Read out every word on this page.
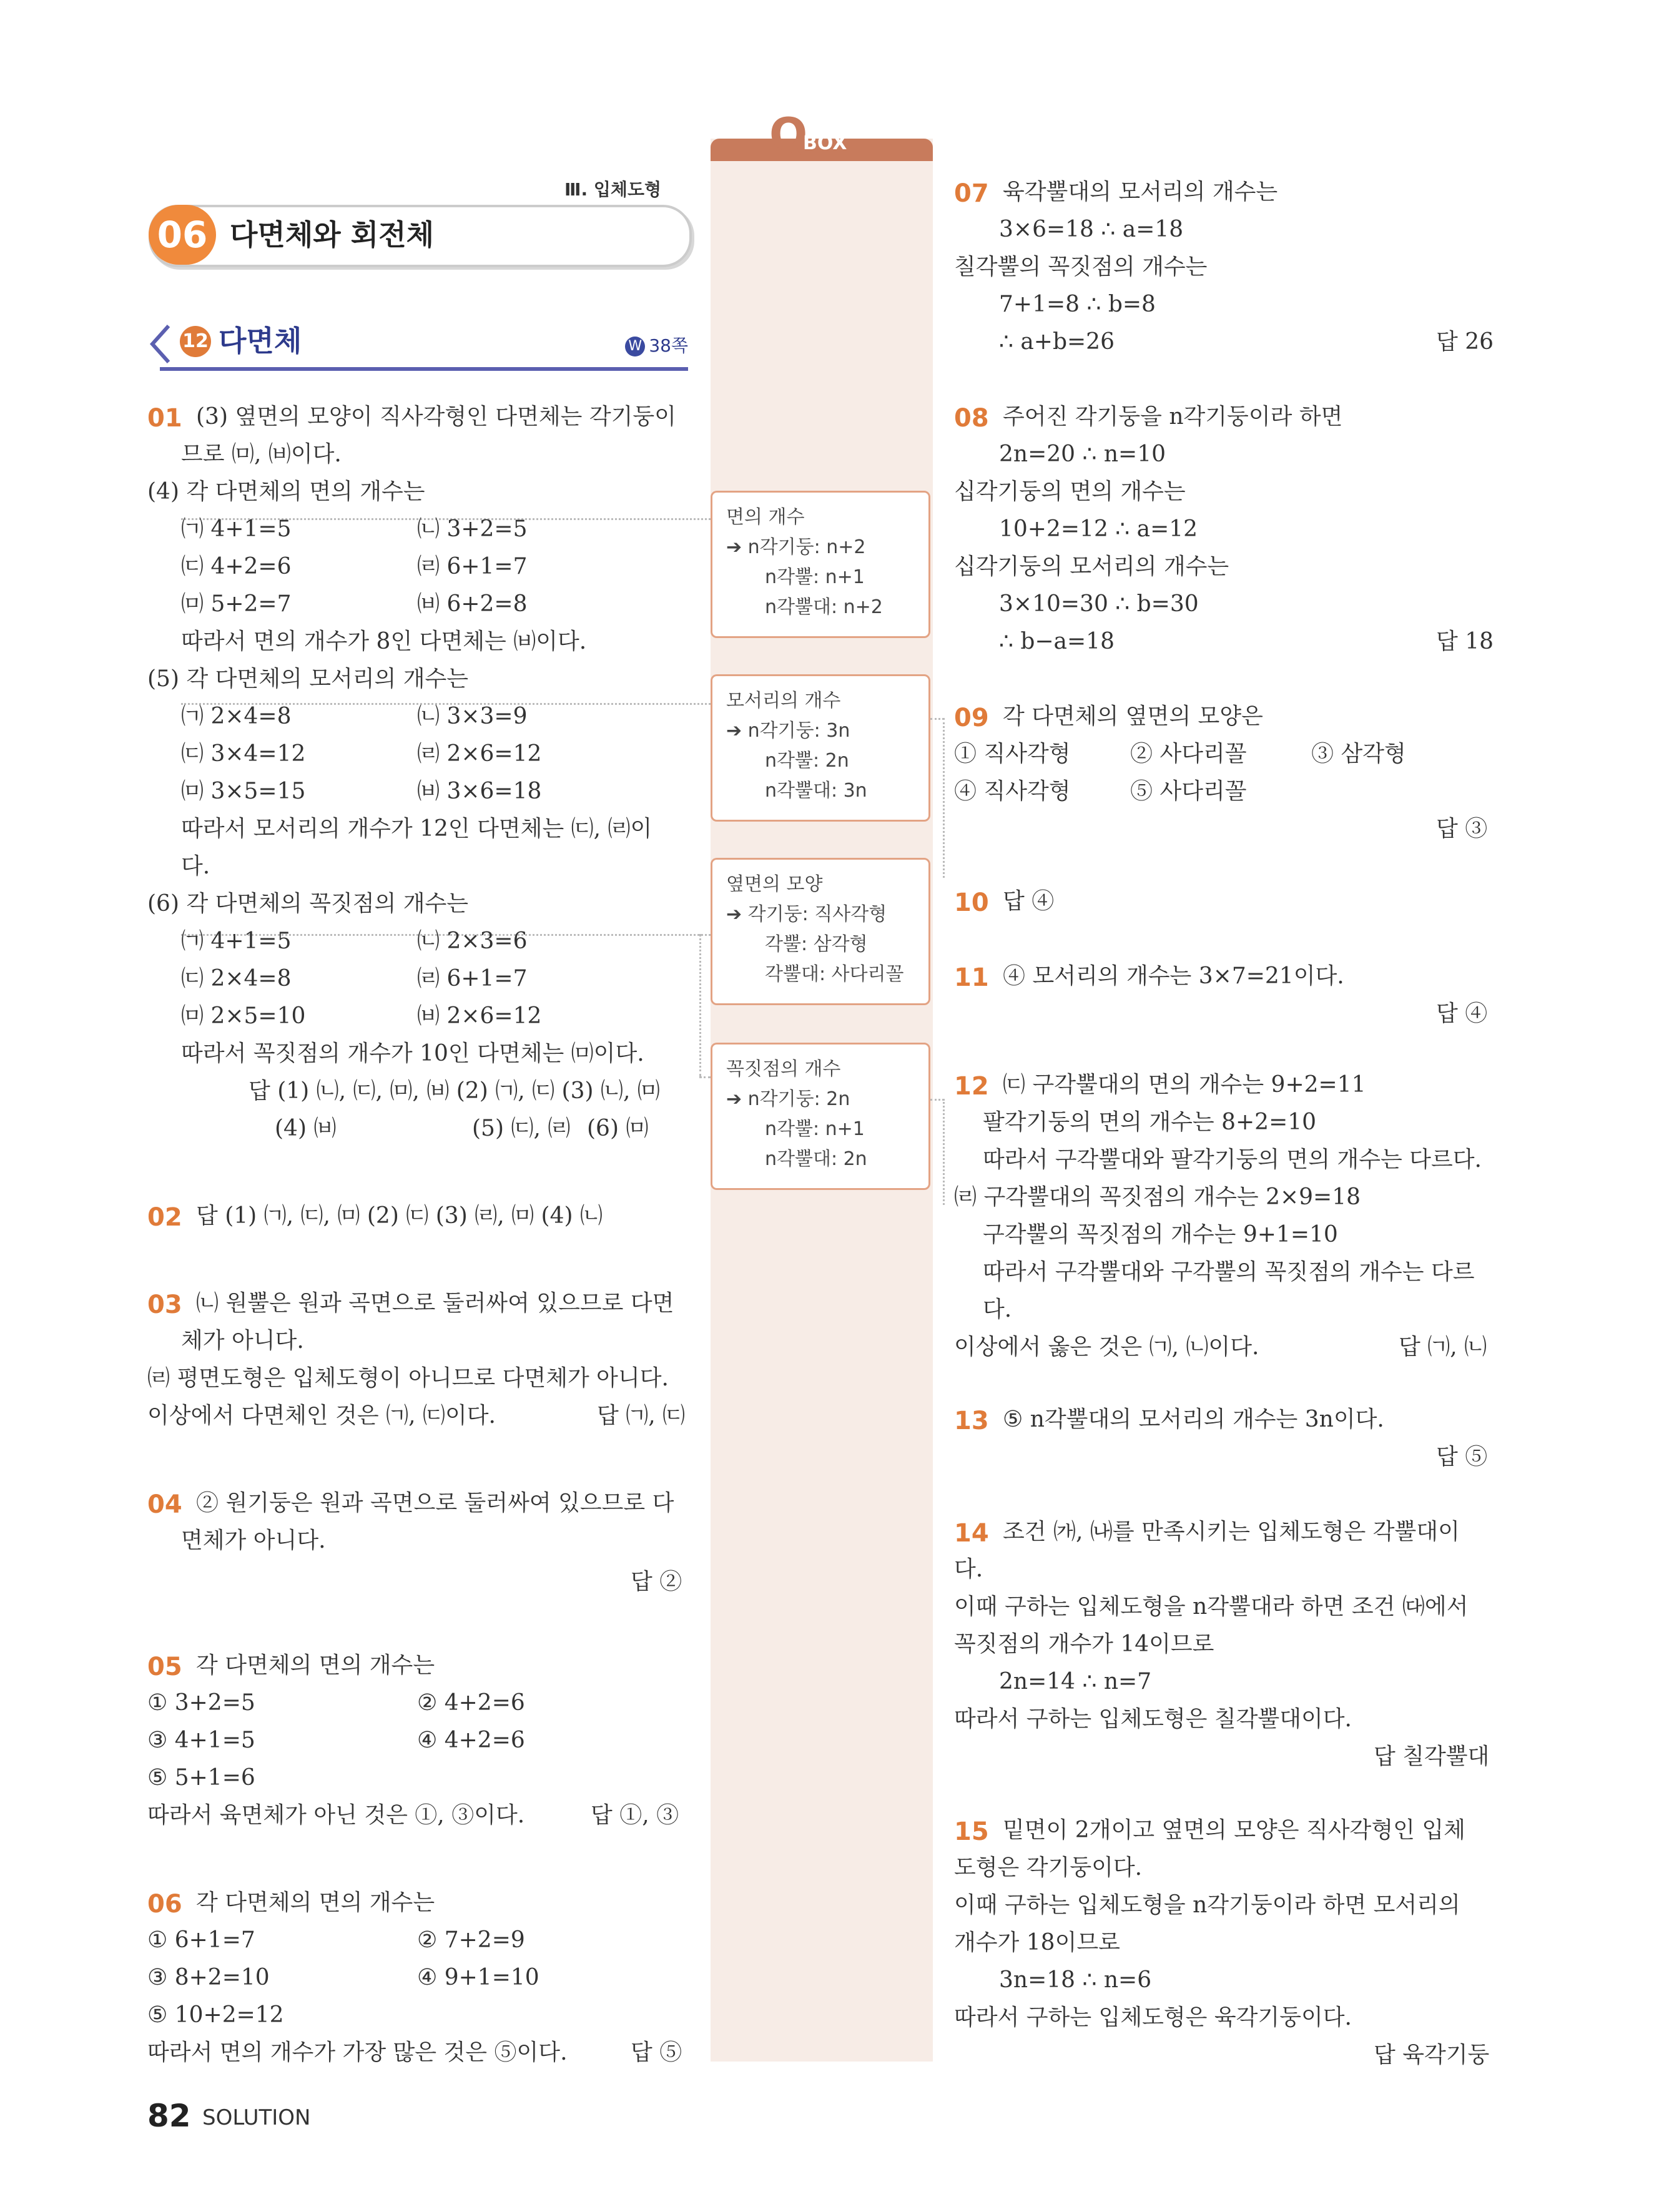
Ⅲ. 입체도형
06 다면체와 회전체
12 다면체	W 38쪽
Q
BOX
면의 개수
➔ n각기둥: n+2
n각뿔: n+1
n각뿔대: n+2
모서리의 개수
➔ n각기둥: 3n
n각뿔: 2n
n각뿔대: 3n
옆면의 모양
➔ 각기둥: 직사각형
각뿔: 삼각형
각뿔대: 사다리꼴
꼭짓점의 개수
➔ n각기둥: 2n
n각뿔: n+1
n각뿔대: 2n
01 (3) 옆면의 모양이 직사각형인 다면체는 각기둥이
므로 ㈄, ㈅이다.
(4) 각 다면체의 면의 개수는
㈀ 4+1=5	㈁ 3+2=5
㈂ 4+2=6	㈃ 6+1=7
㈄ 5+2=7	㈅ 6+2=8
따라서 면의 개수가 8인 다면체는 ㈅이다.
(5) 각 다면체의 모서리의 개수는
㈀ 2×4=8	㈁ 3×3=9
㈂ 3×4=12	㈃ 2×6=12
㈄ 3×5=15	㈅ 3×6=18
따라서 모서리의 개수가 12인 다면체는 ㈂, ㈃이
다.
(6) 각 다면체의 꼭짓점의 개수는
㈀ 4+1=5	㈁ 2×3=6
㈂ 2×4=8	㈃ 6+1=7
㈄ 2×5=10	㈅ 2×6=12
따라서 꼭짓점의 개수가 10인 다면체는 ㈄이다.
답 (1) ㈁, ㈂, ㈄, ㈅ (2) ㈀, ㈂ (3) ㈁, ㈄
(4) ㈅	(5) ㈂, ㈃ (6) ㈄
02 답 (1) ㈀, ㈂, ㈄ (2) ㈂ (3) ㈃, ㈄ (4) ㈁
03 ㈁ 원뿔은 원과 곡면으로 둘러싸여 있으므로 다면
체가 아니다.
㈃ 평면도형은 입체도형이 아니므로 다면체가 아니다.
이상에서 다면체인 것은 ㈀, ㈂이다.	답 ㈀, ㈂
04 ② 원기둥은 원과 곡면으로 둘러싸여 있으므로 다
면체가 아니다.
답 ②
05 각 다면체의 면의 개수는
① 3+2=5	② 4+2=6
③ 4+1=5	④ 4+2=6
⑤ 5+1=6
따라서 육면체가 아닌 것은 ①, ③이다.	답 ①, ③
06 각 다면체의 면의 개수는
① 6+1=7	② 7+2=9
③ 8+2=10	④ 9+1=10
⑤ 10+2=12
따라서 면의 개수가 가장 많은 것은 ⑤이다.	답 ⑤
07 육각뿔대의 모서리의 개수는
3×6=18 ∴ a=18
칠각뿔의 꼭짓점의 개수는
7+1=8 ∴ b=8
∴ a+b=26	답 26
08 주어진 각기둥을 n각기둥이라 하면
2n=20 ∴ n=10
십각기둥의 면의 개수는
10+2=12 ∴ a=12
십각기둥의 모서리의 개수는
3×10=30 ∴ b=30
∴ b−a=18	답 18
09 각 다면체의 옆면의 모양은
① 직사각형	② 사다리꼴	③ 삼각형
④ 직사각형	⑤ 사다리꼴
답 ③
10 답 ④
11 ④ 모서리의 개수는 3×7=21이다.
답 ④
12 ㈂ 구각뿔대의 면의 개수는 9+2=11
팔각기둥의 면의 개수는 8+2=10
따라서 구각뿔대와 팔각기둥의 면의 개수는 다르다.
㈃ 구각뿔대의 꼭짓점의 개수는 2×9=18
구각뿔의 꼭짓점의 개수는 9+1=10
따라서 구각뿔대와 구각뿔의 꼭짓점의 개수는 다르
다.
이상에서 옳은 것은 ㈀, ㈁이다.	답 ㈀, ㈁
13 ⑤ n각뿔대의 모서리의 개수는 3n이다.
답 ⑤
14 조건 ㈎, ㈏를 만족시키는 입체도형은 각뿔대이
다.
이때 구하는 입체도형을 n각뿔대라 하면 조건 ㈐에서
꼭짓점의 개수가 14이므로
2n=14 ∴ n=7
따라서 구하는 입체도형은 칠각뿔대이다.
답 칠각뿔대
15 밑면이 2개이고 옆면의 모양은 직사각형인 입체
도형은 각기둥이다.
이때 구하는 입체도형을 n각기둥이라 하면 모서리의
개수가 18이므로
3n=18 ∴ n=6
따라서 구하는 입체도형은 육각기둥이다.
답 육각기둥
82 SOLUTION
